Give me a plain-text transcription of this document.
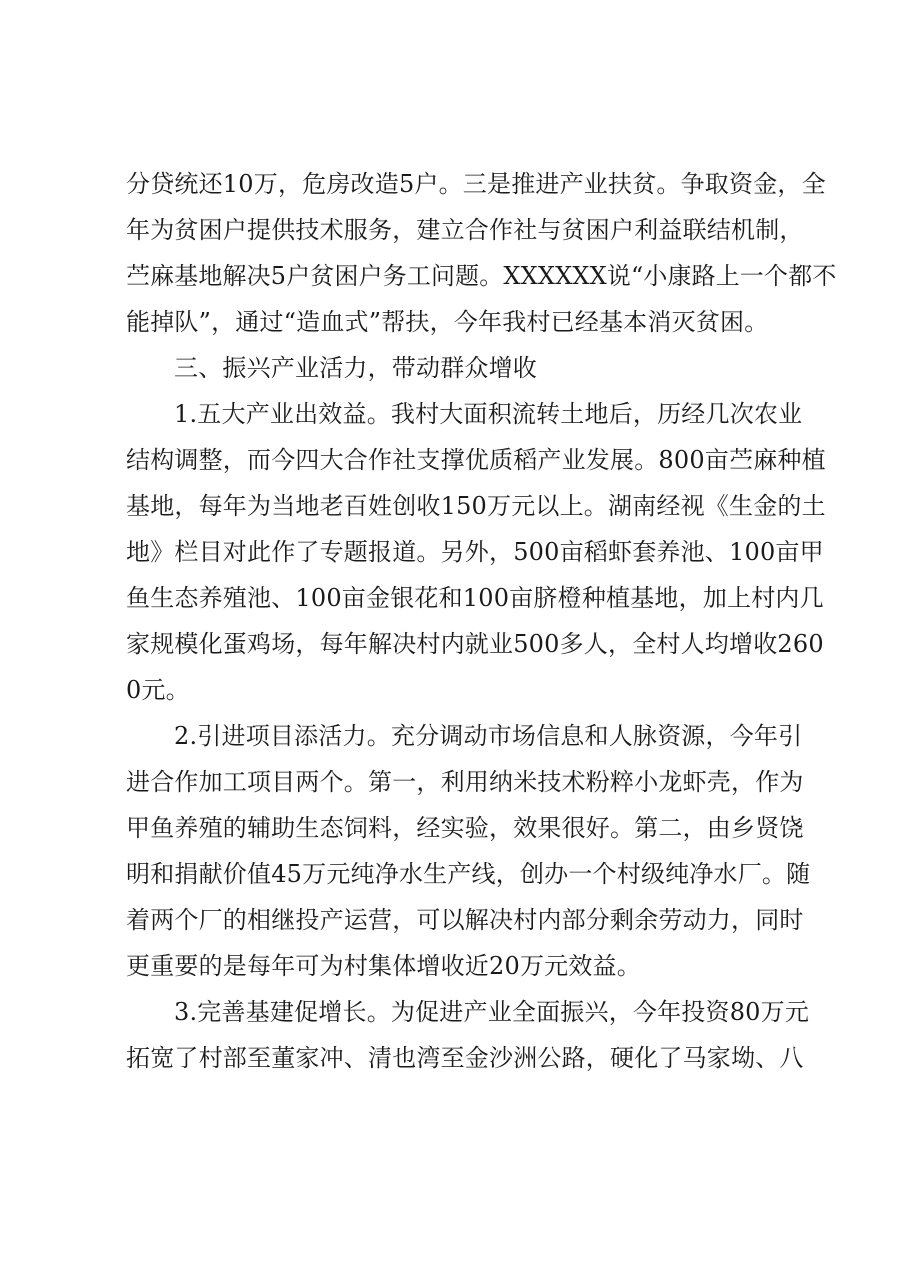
分贷统还10万，危房改造5户。三是推进产业扶贫。争取资金，全
年为贫困户提供技术服务，建立合作社与贫困户利益联结机制，
苎麻基地解决5户贫困户务工问题。XXXXXX说“小康路上一个都不
能掉队”，通过“造血式”帮扶，今年我村已经基本消灭贫困。
三、振兴产业活力，带动群众增收
1.五大产业出效益。我村大面积流转土地后，历经几次农业
结构调整，而今四大合作社支撑优质稻产业发展。800亩苎麻种植
基地，每年为当地老百姓创收150万元以上。湖南经视《生金的土
地》栏目对此作了专题报道。另外，500亩稻虾套养池、100亩甲
鱼生态养殖池、100亩金银花和100亩脐橙种植基地，加上村内几
家规模化蛋鸡场，每年解决村内就业500多人，全村人均增收260
0元。
2.引进项目添活力。充分调动市场信息和人脉资源，今年引
进合作加工项目两个。第一，利用纳米技术粉粹小龙虾壳，作为
甲鱼养殖的辅助生态饲料，经实验，效果很好。第二，由乡贤饶
明和捐献价值45万元纯净水生产线，创办一个村级纯净水厂。随
着两个厂的相继投产运营，可以解决村内部分剩余劳动力，同时
更重要的是每年可为村集体增收近20万元效益。
3.完善基建促增长。为促进产业全面振兴，今年投资80万元
拓宽了村部至董家冲、清也湾至金沙洲公路，硬化了马家坳、八
